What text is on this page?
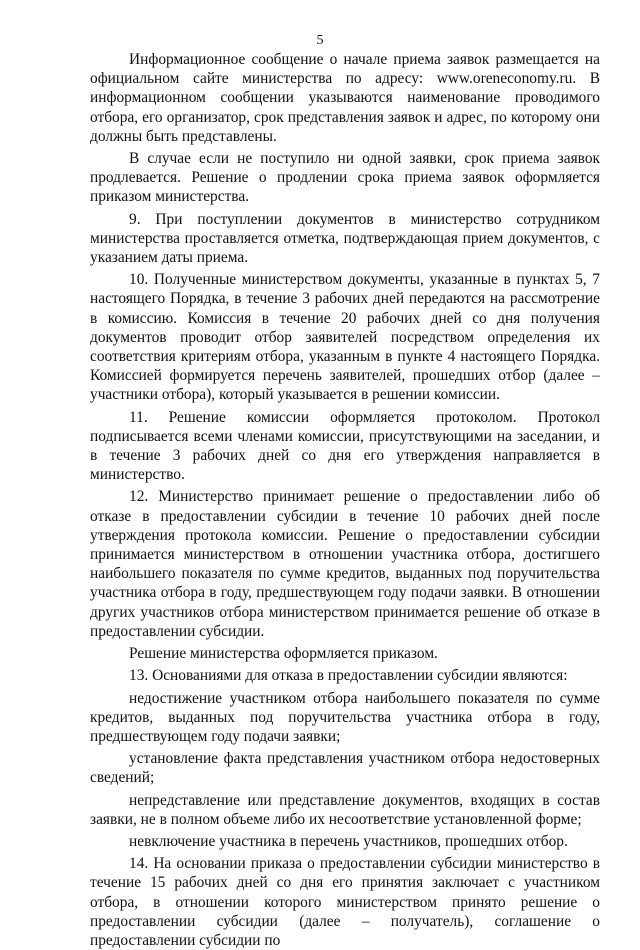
5

Информационное сообщение о начале приема заявок размещается на официальном сайте министерства по адресу: www.oreneconomy.ru. В информационном сообщении указываются наименование проводимого отбора, его организатор, срок представления заявок и адрес, по которому они должны быть представлены.

В случае если не поступило ни одной заявки, срок приема заявок продлевается. Решение о продлении срока приема заявок оформляется приказом министерства.

9. При поступлении документов в министерство сотрудником министерства проставляется отметка, подтверждающая прием документов, с указанием даты приема.

10. Полученные министерством документы, указанные в пунктах 5, 7 настоящего Порядка, в течение 3 рабочих дней передаются на рассмотрение в комиссию. Комиссия в течение 20 рабочих дней со дня получения документов проводит отбор заявителей посредством определения их соответствия критериям отбора, указанным в пункте 4 настоящего Порядка. Комиссией формируется перечень заявителей, прошедших отбор (далее – участники отбора), который указывается в решении комиссии.

11. Решение комиссии оформляется протоколом. Протокол подписывается всеми членами комиссии, присутствующими на заседании, и в течение 3 рабочих дней со дня его утверждения направляется в министерство.

12. Министерство принимает решение о предоставлении либо об отказе в предоставлении субсидии в течение 10 рабочих дней после утверждения протокола комиссии. Решение о предоставлении субсидии принимается министерством в отношении участника отбора, достигшего наибольшего показателя по сумме кредитов, выданных под поручительства участника отбора в году, предшествующем году подачи заявки. В отношении других участников отбора министерством принимается решение об отказе в предоставлении субсидии.

Решение министерства оформляется приказом.

13. Основаниями для отказа в предоставлении субсидии являются:

недостижение участником отбора наибольшего показателя по сумме кредитов, выданных под поручительства участника отбора в году, предшествующем году подачи заявки;

установление факта представления участником отбора недостоверных сведений;

непредставление или представление документов, входящих в состав заявки, не в полном объеме либо их несоответствие установленной форме;

невключение участника в перечень участников, прошедших отбор.

14. На основании приказа о предоставлении субсидии министерство в течение 15 рабочих дней со дня его принятия заключает с участником отбора, в отношении которого министерством принято решение о предоставлении субсидии (далее – получатель), соглашение о предоставлении субсидии по
